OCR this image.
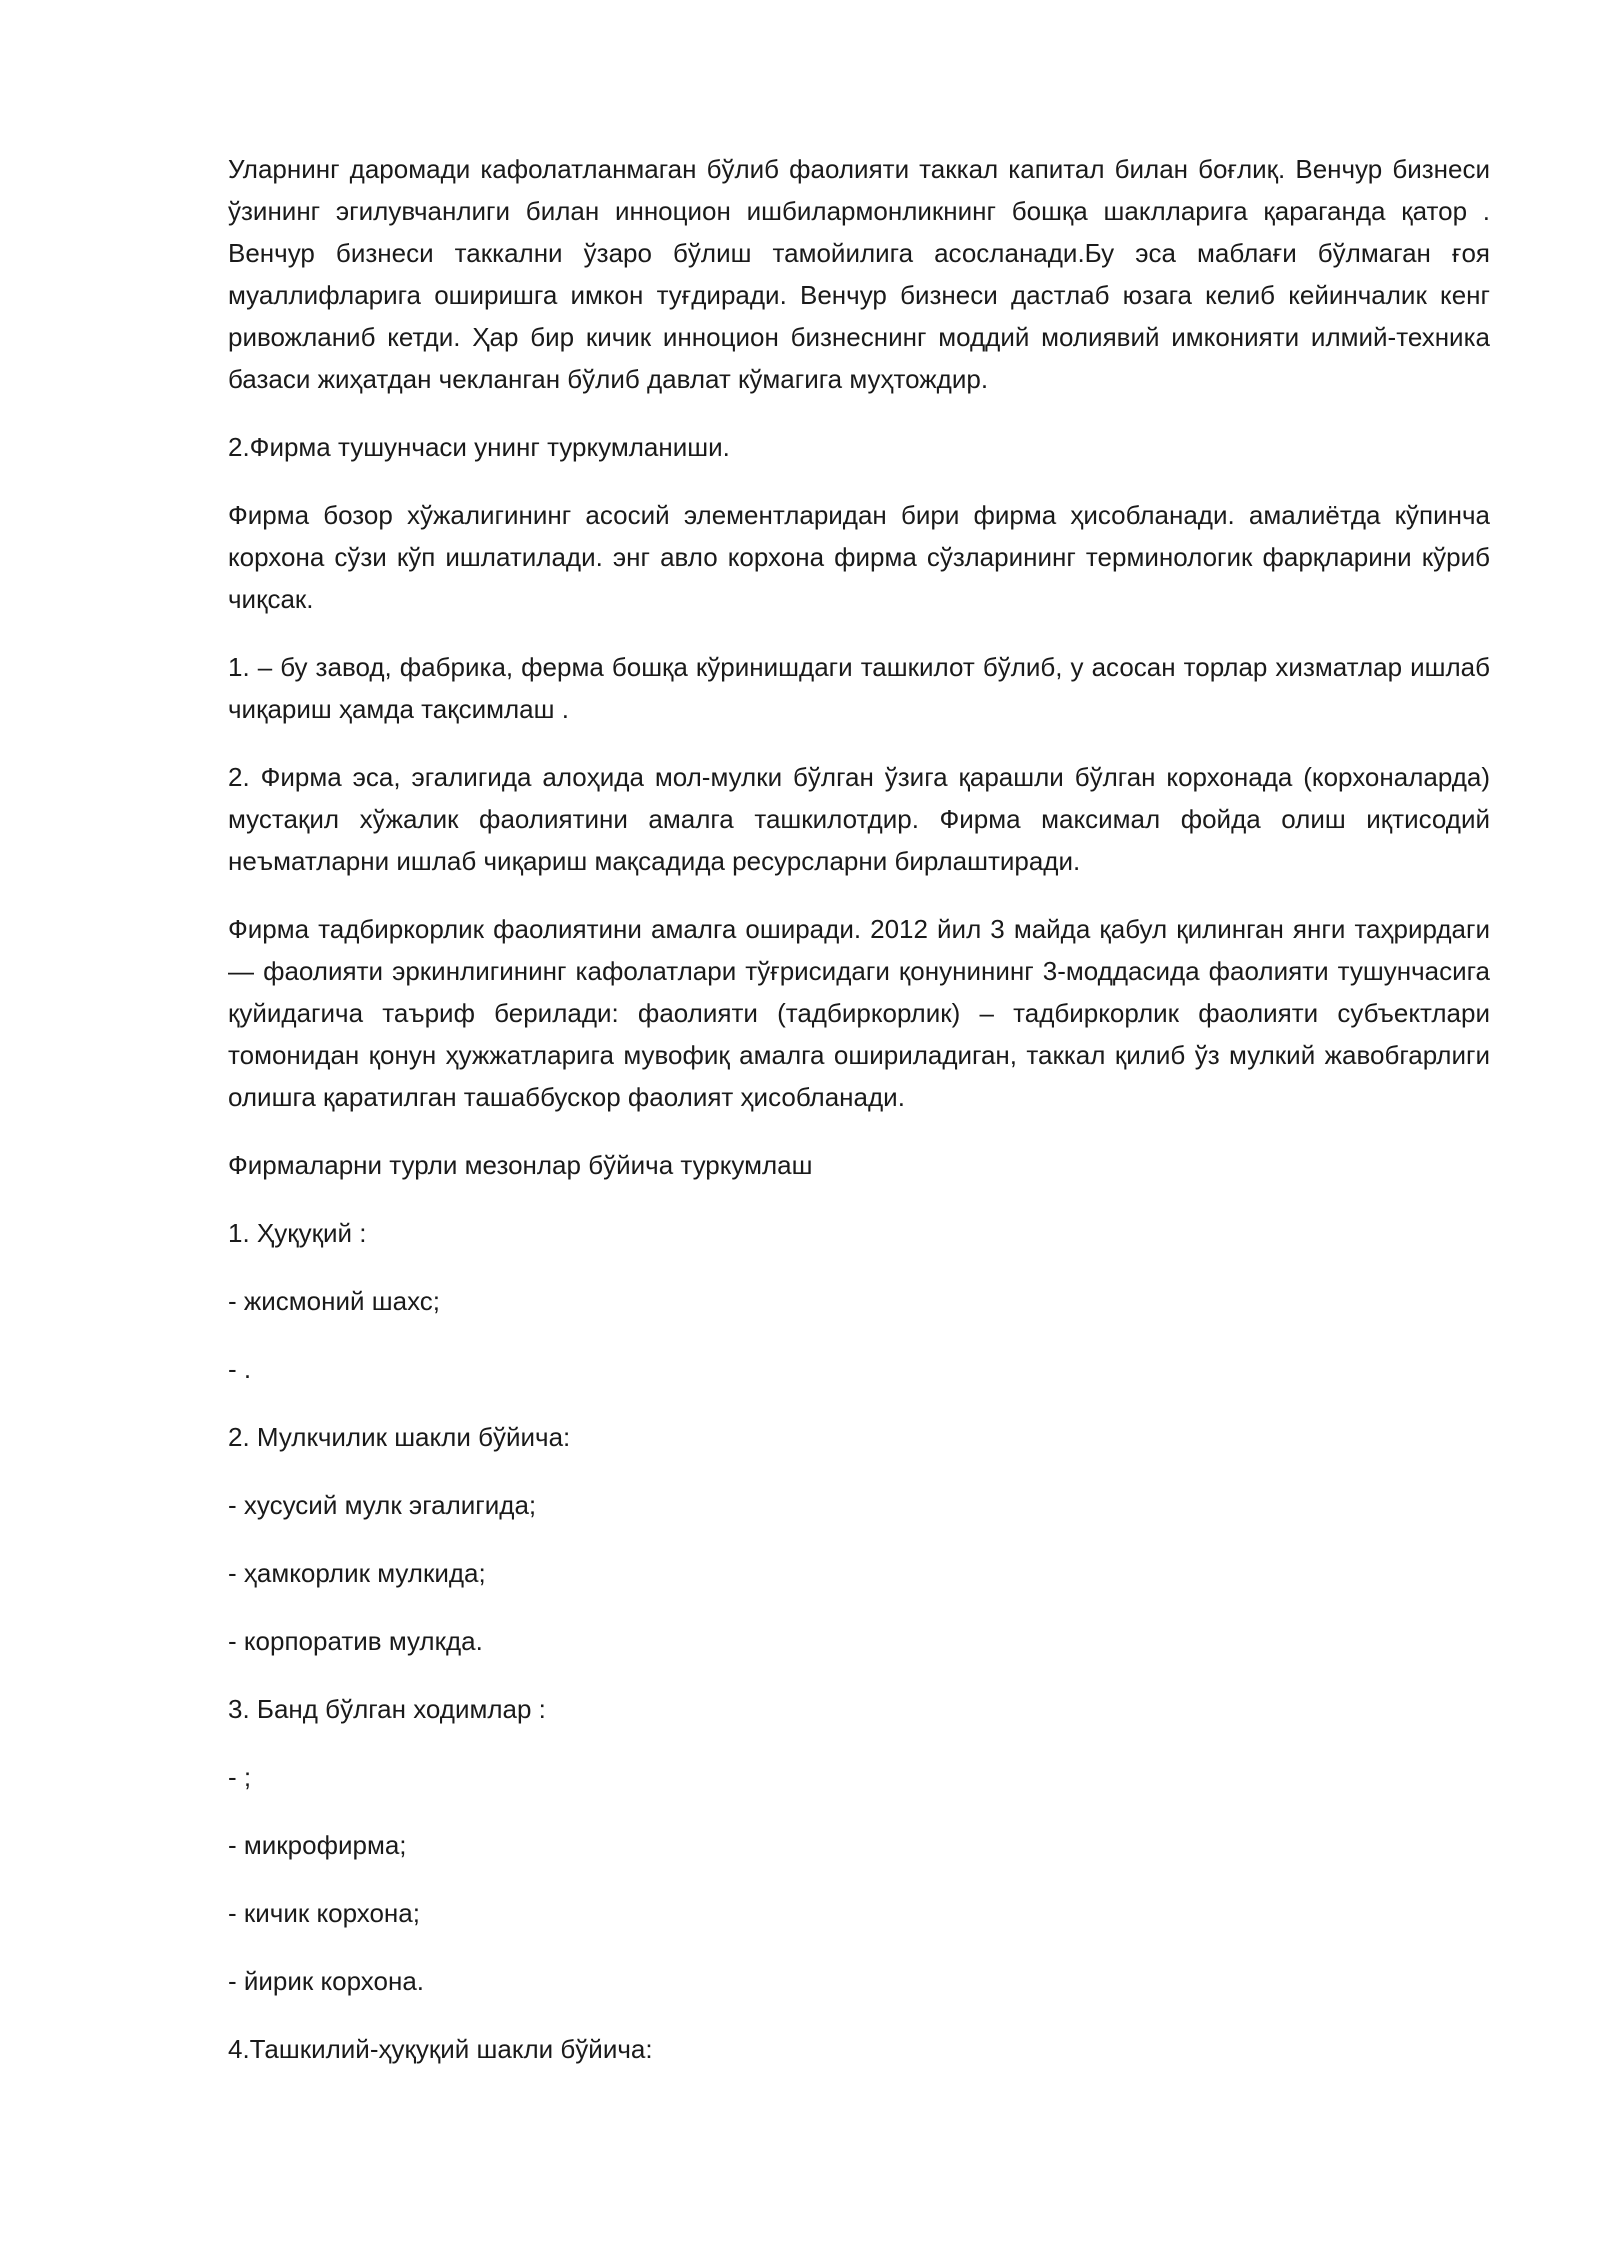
Уларнинг даромади кафолатланмаган бўлиб фаолияти таккал капитал билан боғлиқ. Венчур бизнеси ўзининг эгилувчанлиги билан инноцион ишбилармонликнинг бошқа шаклларига қараганда қатор . Венчур бизнеси таккални ўзаро бўлиш тамойилига асосланади.Бу эса маблағи бўлмаган ғоя муаллифларига оширишга имкон туғдиради. Венчур бизнеси дастлаб юзага келиб кейинчалик кенг ривожланиб кетди. Ҳар бир кичик инноцион бизнеснинг моддий молиявий имконияти илмий-техника базаси жиҳатдан чекланган бўлиб давлат кўмагига муҳтождир.

2.Фирма тушунчаси унинг туркумланиши.

Фирма бозор хўжалигининг асосий элементларидан бири фирма ҳисобланади. амалиётда кўпинча корхона сўзи кўп ишлатилади. энг авло корхона фирма сўзларининг терминологик фарқларини кўриб чиқсак.

1. – бу завод, фабрика, ферма бошқа кўринишдаги ташкилот бўлиб, у асосан торлар хизматлар ишлаб чиқариш ҳамда тақсимлаш .

2. Фирма эса, эгалигида алоҳида мол-мулки бўлган ўзига қарашли бўлган корхонада (корхоналарда) мустақил хўжалик фаолиятини амалга ташкилотдир. Фирма максимал фойда олиш иқтисодий неъматларни ишлаб чиқариш мақсадида ресурсларни бирлаштиради.

Фирма тадбиркорлик фаолиятини амалга оширади. 2012 йил 3 майда қабул қилинган янги таҳрирдаги — фаолияти эркинлигининг кафолатлари тўғрисидаги қонунининг 3-моддасида фаолияти тушунчасига қуйидагича таъриф берилади: фаолияти (тадбиркорлик) – тадбиркорлик фаолияти субъектлари томонидан қонун ҳужжатларига мувофиқ амалга ошириладиган, таккал қилиб ўз мулкий жавобгарлиги олишга қаратилган ташаббускор фаолият ҳисобланади.

Фирмаларни турли мезонлар бўйича туркумлаш

1. Ҳуқуқий :

- жисмоний шахс;

- .

2. Мулкчилик шакли бўйича:

- хусусий мулк эгалигида;

- ҳамкорлик мулкида;

- корпоратив мулкда.

3. Банд бўлган ходимлар :

- ;

- микрофирма;

- кичик корхона;

- йирик корхона.

4.Ташкилий-ҳуқуқий шакли бўйича:
